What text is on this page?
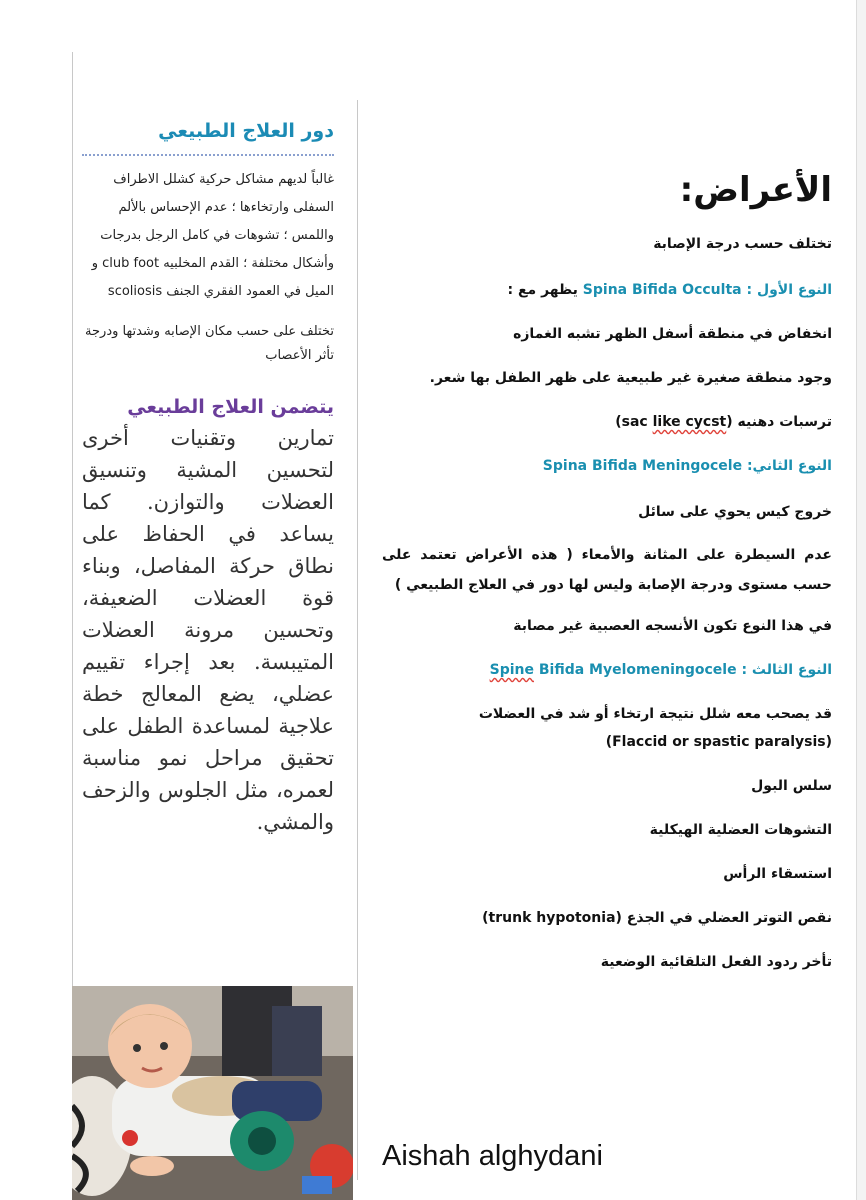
دور العلاج الطبيعي

غالباً لديهم مشاكل حركية كشلل الاطراف السفلى وارتخاءها ؛ عدم الإحساس بالألم واللمس ؛ تشوهات في كامل الرجل بدرجات وأشكال مختلفة ؛ القدم المخلبيه club foot و الميل في العمود الفقري الجنف scoliosis

تختلف على حسب مكان الإصابه وشدتها ودرجة تأثر الأعصاب

يتضمن العلاج الطبيعي

تمارين وتقنيات أخرى لتحسين المشية وتنسيق العضلات والتوازن. كما يساعد في الحفاظ على نطاق حركة المفاصل، وبناء قوة العضلات الضعيفة، وتحسين مرونة العضلات المتيبسة. بعد إجراء تقييم عضلي، يضع المعالج خطة علاجية لمساعدة الطفل على تحقيق مراحل نمو مناسبة لعمره، مثل الجلوس والزحف والمشي.

الأعراض:

تختلف حسب درجة الإصابة

النوع الأول : Spina Bifida Occulta يظهر مع :

انخفاض في منطقة أسفل الظهر تشبه الغمازه

وجود منطقة صغيرة غير طبيعية على ظهر الطفل بها شعر.

ترسبات دهنيه (sac like cycst)

النوع الثاني: Spina Bifida Meningocele

خروج كيس يحوي على سائل

عدم السيطرة على المثانة والأمعاء ( هذه الأعراض تعتمد على حسب مستوى ودرجة الإصابة وليس لها دور في العلاج الطبيعي )

في هذا النوع تكون الأنسجه العصبية غير مصابة

النوع الثالث : Spine Bifida Myelomeningocele

قد يصحب معه شلل نتيجة ارتخاء أو شد في العضلات

(Flaccid or spastic paralysis)

سلس البول

التشوهات العضلية الهيكلية

استسقاء الرأس

نقص التوتر العضلي في الجذع (trunk hypotonia)

تأخر ردود الفعل التلقائية الوضعية

Aishah alghydani
